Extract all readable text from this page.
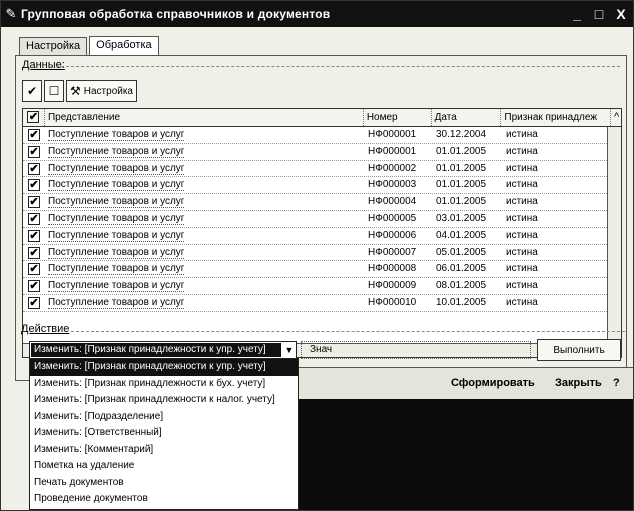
✎ Групповая обработка справочников и документов	_ □ X
Настройка	Обработка
Данные:
✔ ☐ ⚒ Настройка
✔ Представление	Номер	Дата	Признак принадлеж	^
✔ Поступление товаров и услуг	НФ000001	30.12.2004	истина
✔ Поступление товаров и услуг	НФ000001	01.01.2005	истина
✔ Поступление товаров и услуг	НФ000002	01.01.2005	истина
✔ Поступление товаров и услуг	НФ000003	01.01.2005	истина
✔ Поступление товаров и услуг	НФ000004	01.01.2005	истина
✔ Поступление товаров и услуг	НФ000005	03.01.2005	истина
✔ Поступление товаров и услуг	НФ000006	04.01.2005	истина
✔ Поступление товаров и услуг	НФ000007	05.01.2005	истина
✔ Поступление товаров и услуг	НФ000008	06.01.2005	истина
✔ Поступление товаров и услуг	НФ000009	08.01.2005	истина
✔ Поступление товаров и услуг	НФ000010	10.01.2005	истина
Действие
Изменить: [Признак принадлежности к упр. учету]	▼	Знач	Выполнить
Сформировать Закрыть ?
Изменить: [Признак принадлежности к упр. учету]
Изменить: [Признак принадлежности к бух. учету]
Изменить: [Признак принадлежности к налог. учету]
Изменить: [Подразделение]
Изменить: [Ответственный]
Изменить: [Комментарий]
Пометка на удаление
Печать документов
Проведение документов
